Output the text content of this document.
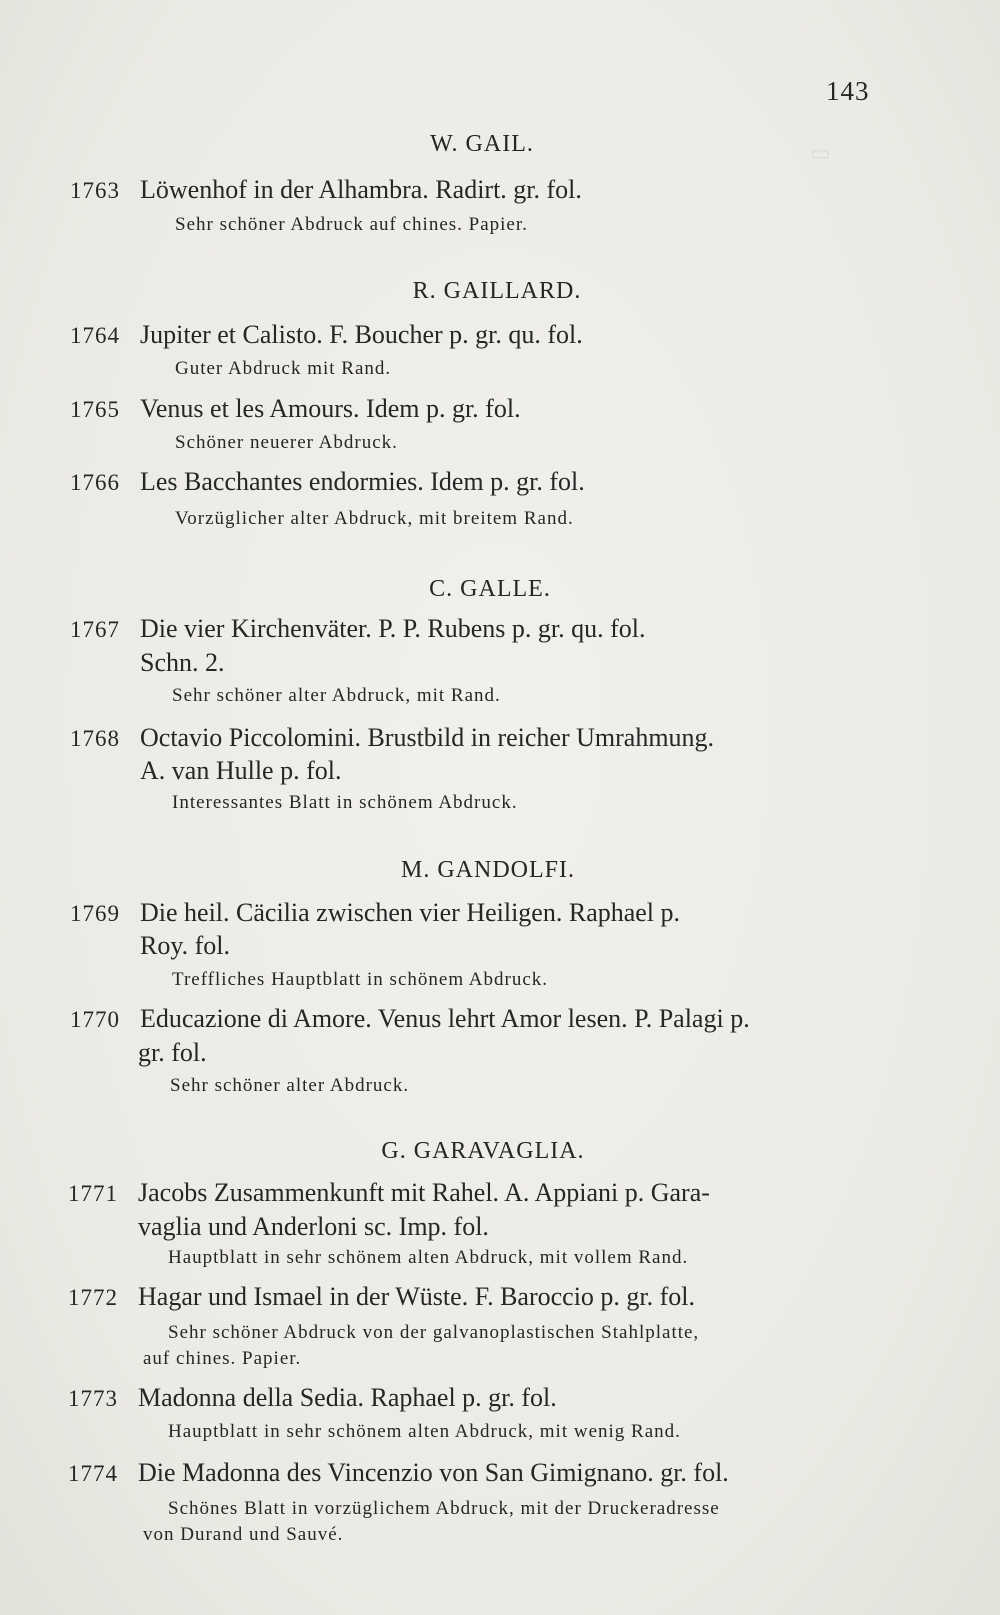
143
▭
W. GAIL.
1763 Löwenhof in der Alhambra. Radirt. gr. fol.
Sehr schöner Abdruck auf chines. Papier.
R. GAILLARD.
1764 Jupiter et Calisto. F. Boucher p. gr. qu. fol.
Guter Abdruck mit Rand.
1765 Venus et les Amours. Idem p. gr. fol.
Schöner neuerer Abdruck.
1766 Les Bacchantes endormies. Idem p. gr. fol.
Vorzüglicher alter Abdruck, mit breitem Rand.
C. GALLE.
1767 Die vier Kirchenväter. P. P. Rubens p. gr. qu. fol.
Schn. 2.
Sehr schöner alter Abdruck, mit Rand.
1768 Octavio Piccolomini. Brustbild in reicher Umrahmung.
A. van Hulle p. fol.
Interessantes Blatt in schönem Abdruck.
M. GANDOLFI.
1769 Die heil. Cäcilia zwischen vier Heiligen. Raphael p.
Roy. fol.
Treffliches Hauptblatt in schönem Abdruck.
1770 Educazione di Amore. Venus lehrt Amor lesen. P. Palagi p.
gr. fol.
Sehr schöner alter Abdruck.
G. GARAVAGLIA.
1771 Jacobs Zusammenkunft mit Rahel. A. Appiani p. Gara-
vaglia und Anderloni sc. Imp. fol.
Hauptblatt in sehr schönem alten Abdruck, mit vollem Rand.
1772 Hagar und Ismael in der Wüste. F. Baroccio p. gr. fol.
Sehr schöner Abdruck von der galvanoplastischen Stahlplatte,
auf chines. Papier.
1773 Madonna della Sedia. Raphael p. gr. fol.
Hauptblatt in sehr schönem alten Abdruck, mit wenig Rand.
1774 Die Madonna des Vincenzio von San Gimignano. gr. fol.
Schönes Blatt in vorzüglichem Abdruck, mit der Druckeradresse
von Durand und Sauvé.
